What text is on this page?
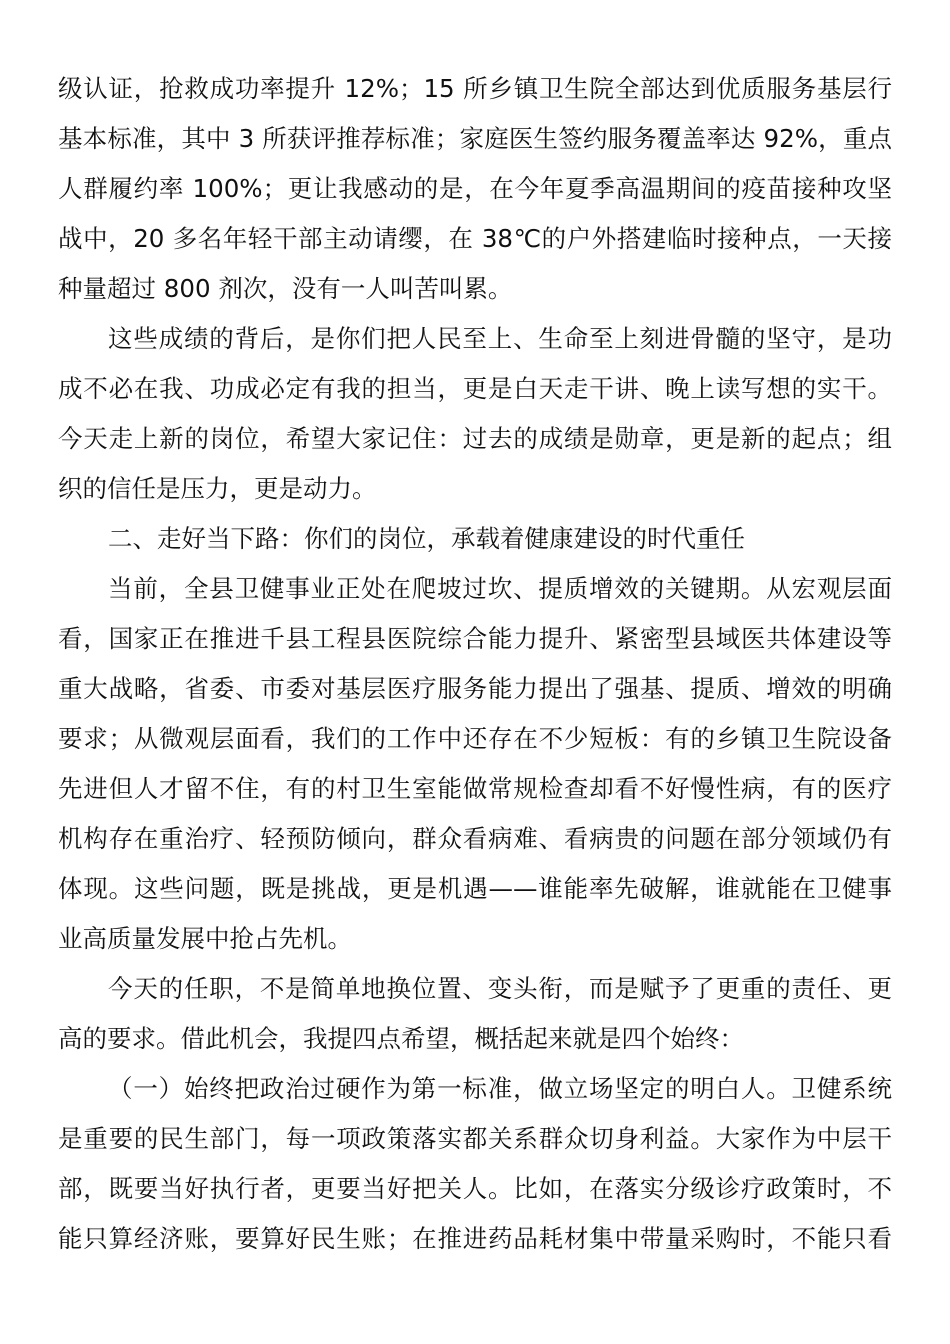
级认证，抢救成功率提升 12%；15 所乡镇卫生院全部达到优质服务基层行
基本标准，其中 3 所获评推荐标准；家庭医生签约服务覆盖率达 92%，重点
人群履约率 100%；更让我感动的是，在今年夏季高温期间的疫苗接种攻坚
战中，20 多名年轻干部主动请缨，在 38℃的户外搭建临时接种点，一天接
种量超过 800 剂次，没有一人叫苦叫累。
这些成绩的背后，是你们把人民至上、生命至上刻进骨髓的坚守，是功
成不必在我、功成必定有我的担当，更是白天走干讲、晚上读写想的实干。
今天走上新的岗位，希望大家记住：过去的成绩是勋章，更是新的起点；组
织的信任是压力，更是动力。
二、走好当下路：你们的岗位，承载着健康建设的时代重任
当前，全县卫健事业正处在爬坡过坎、提质增效的关键期。从宏观层面
看，国家正在推进千县工程县医院综合能力提升、紧密型县域医共体建设等
重大战略，省委、市委对基层医疗服务能力提出了强基、提质、增效的明确
要求；从微观层面看，我们的工作中还存在不少短板：有的乡镇卫生院设备
先进但人才留不住，有的村卫生室能做常规检查却看不好慢性病，有的医疗
机构存在重治疗、轻预防倾向，群众看病难、看病贵的问题在部分领域仍有
体现。这些问题，既是挑战，更是机遇——谁能率先破解，谁就能在卫健事
业高质量发展中抢占先机。
今天的任职，不是简单地换位置、变头衔，而是赋予了更重的责任、更
高的要求。借此机会，我提四点希望，概括起来就是四个始终：
（一）始终把政治过硬作为第一标准，做立场坚定的明白人。卫健系统
是重要的民生部门，每一项政策落实都关系群众切身利益。大家作为中层干
部，既要当好执行者，更要当好把关人。比如，在落实分级诊疗政策时，不
能只算经济账，要算好民生账；在推进药品耗材集中带量采购时，不能只看
